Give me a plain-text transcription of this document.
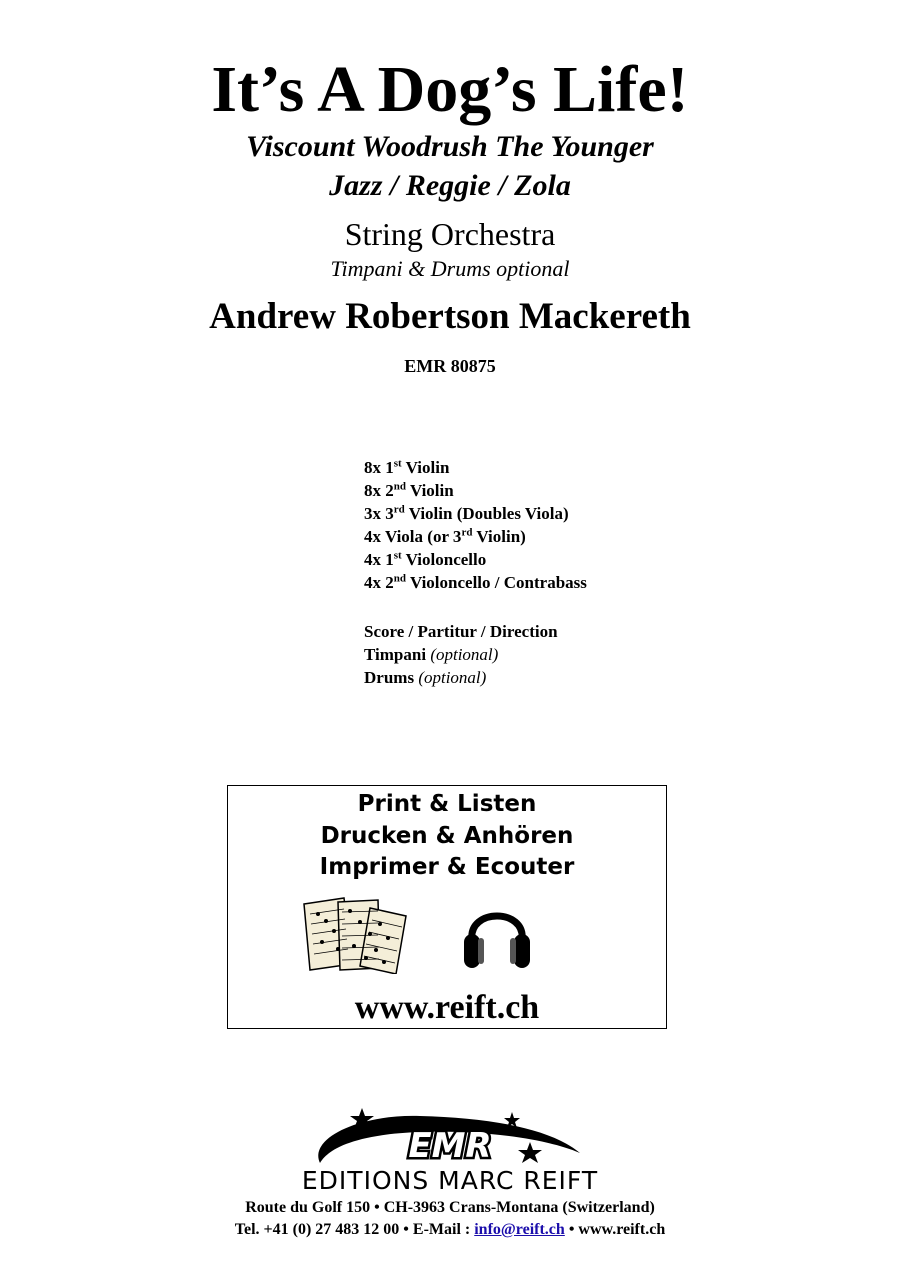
It’s A Dog’s Life!
Viscount Woodrush The Younger
Jazz / Reggie / Zola
String Orchestra
Timpani & Drums optional
Andrew Robertson Mackereth
EMR 80875
8x 1st Violin
8x 2nd Violin
3x 3rd Violin (Doubles Viola)
4x Viola (or 3rd Violin)
4x 1st Violoncello
4x 2nd Violoncello / Contrabass
Score / Partitur / Direction
Timpani (optional)
Drums (optional)
Print & Listen
Drucken & Anhören
Imprimer & Ecouter
www.reift.ch
EMR
EDITIONS MARC REIFT
Route du Golf 150 • CH-3963 Crans-Montana (Switzerland)
Tel. +41 (0) 27 483 12 00 • E-Mail : info@reift.ch • www.reift.ch
